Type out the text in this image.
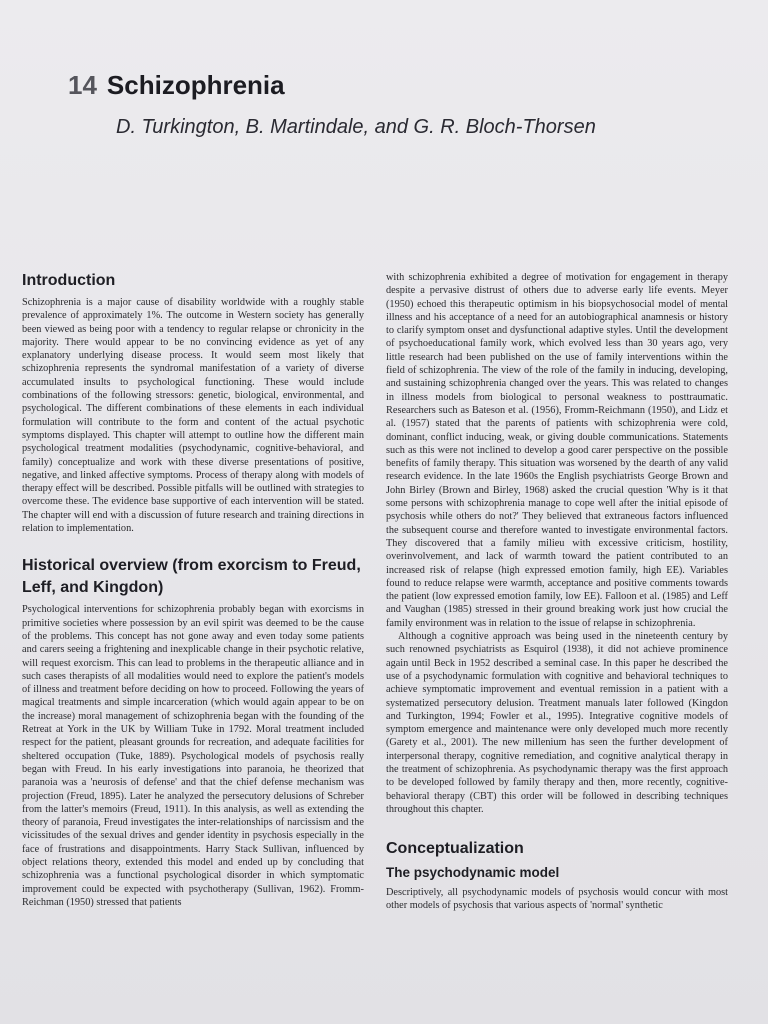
14 Schizophrenia
D. Turkington, B. Martindale, and G. R. Bloch-Thorsen
Introduction

Schizophrenia is a major cause of disability worldwide with a roughly stable prevalence of approximately 1%. The outcome in Western society has generally been viewed as being poor with a tendency to regular relapse or chronicity in the majority. There would appear to be no convincing evidence as yet of any explanatory underlying disease process. It would seem most likely that schizophrenia represents the syndromal manifestation of a variety of diverse accumulated insults to psychological functioning. These would include combinations of the following stressors: genetic, biological, environmental, and psychological. The different combinations of these elements in each individual formulation will contribute to the form and content of the actual psychotic symptoms displayed. This chapter will attempt to outline how the different main psychological treatment modalities (psychodynamic, cognitive-behavioral, and family) conceptualize and work with these diverse presentations of positive, negative, and linked affective symptoms. Process of therapy along with models of therapy effect will be described. Possible pitfalls will be outlined with strategies to overcome these. The evidence base supportive of each intervention will be stated. The chapter will end with a discussion of future research and training directions in relation to implementation.

Historical overview (from exorcism to Freud, Leff, and Kingdon)

Psychological interventions for schizophrenia probably began with exorcisms in primitive societies where possession by an evil spirit was deemed to be the cause of the problems. This concept has not gone away and even today some patients and carers seeing a frightening and inexplicable change in their psychotic relative, will request exorcism. This can lead to problems in the therapeutic alliance and in such cases therapists of all modalities would need to explore the patient's models of illness and treatment before deciding on how to proceed. Following the years of magical treatments and simple incarceration (which would again appear to be on the increase) moral management of schizophrenia began with the founding of the Retreat at York in the UK by William Tuke in 1792. Moral treatment included respect for the patient, pleasant grounds for recreation, and adequate facilities for sheltered occupation (Tuke, 1889). Psychological models of psychosis really began with Freud. In his early investigations into paranoia, he theorized that paranoia was a 'neurosis of defense' and that the chief defense mechanism was projection (Freud, 1895). Later he analyzed the persecutory delusions of Schreber from the latter's memoirs (Freud, 1911). In this analysis, as well as extending the theory of paranoia, Freud investigates the inter-relationships of narcissism and the vicissitudes of the sexual drives and gender identity in psychosis especially in the face of frustrations and disappointments. Harry Stack Sullivan, influenced by object relations theory, extended this model and ended up by concluding that schizophrenia was a functional psychological disorder in which symptomatic improvement could be expected with psychotherapy (Sullivan, 1962). Fromm-Reichman (1950) stressed that patients

with schizophrenia exhibited a degree of motivation for engagement in therapy despite a pervasive distrust of others due to adverse early life events. Meyer (1950) echoed this therapeutic optimism in his biopsychosocial model of mental illness and his acceptance of a need for an autobiographical anamnesis or history to clarify symptom onset and dysfunctional adaptive styles. Until the development of psychoeducational family work, which evolved less than 30 years ago, very little research had been published on the use of family interventions within the field of schizophrenia. The view of the role of the family in inducing, developing, and sustaining schizophrenia changed over the years. This was related to changes in illness models from biological to personal weakness to posttraumatic. Researchers such as Bateson et al. (1956), Fromm-Reichmann (1950), and Lidz et al. (1957) stated that the parents of patients with schizophrenia were cold, dominant, conflict inducing, weak, or giving double communications. Statements such as this were not inclined to develop a good carer perspective on the possible benefits of family therapy. This situation was worsened by the dearth of any valid research evidence. In the late 1960s the English psychiatrists George Brown and John Birley (Brown and Birley, 1968) asked the crucial question 'Why is it that some persons with schizophrenia manage to cope well after the initial episode of psychosis while others do not?' They believed that extraneous factors influenced the subsequent course and therefore wanted to investigate environmental factors. They discovered that a family milieu with excessive criticism, hostility, overinvolvement, and lack of warmth toward the patient contributed to an increased risk of relapse (high expressed emotion family, high EE). Variables found to reduce relapse were warmth, acceptance and positive comments towards the patient (low expressed emotion family, low EE). Falloon et al. (1985) and Leff and Vaughan (1985) stressed in their ground breaking work just how crucial the family environment was in relation to the issue of relapse in schizophrenia.

Although a cognitive approach was being used in the nineteenth century by such renowned psychiatrists as Esquirol (1938), it did not achieve prominence again until Beck in 1952 described a seminal case. In this paper he described the use of a psychodynamic formulation with cognitive and behavioral techniques to achieve symptomatic improvement and eventual remission in a patient with a systematized persecutory delusion. Treatment manuals later followed (Kingdon and Turkington, 1994; Fowler et al., 1995). Integrative cognitive models of symptom emergence and maintenance were only developed much more recently (Garety et al., 2001). The new millenium has seen the further development of interpersonal therapy, cognitive remediation, and cognitive analytical therapy in the treatment of schizophrenia. As psychodynamic therapy was the first approach to be developed followed by family therapy and then, more recently, cognitive-behavioral therapy (CBT) this order will be followed in describing techniques throughout this chapter.

Conceptualization
The psychodynamic model

Descriptively, all psychodynamic models of psychosis would concur with most other models of psychosis that various aspects of 'normal' synthetic
